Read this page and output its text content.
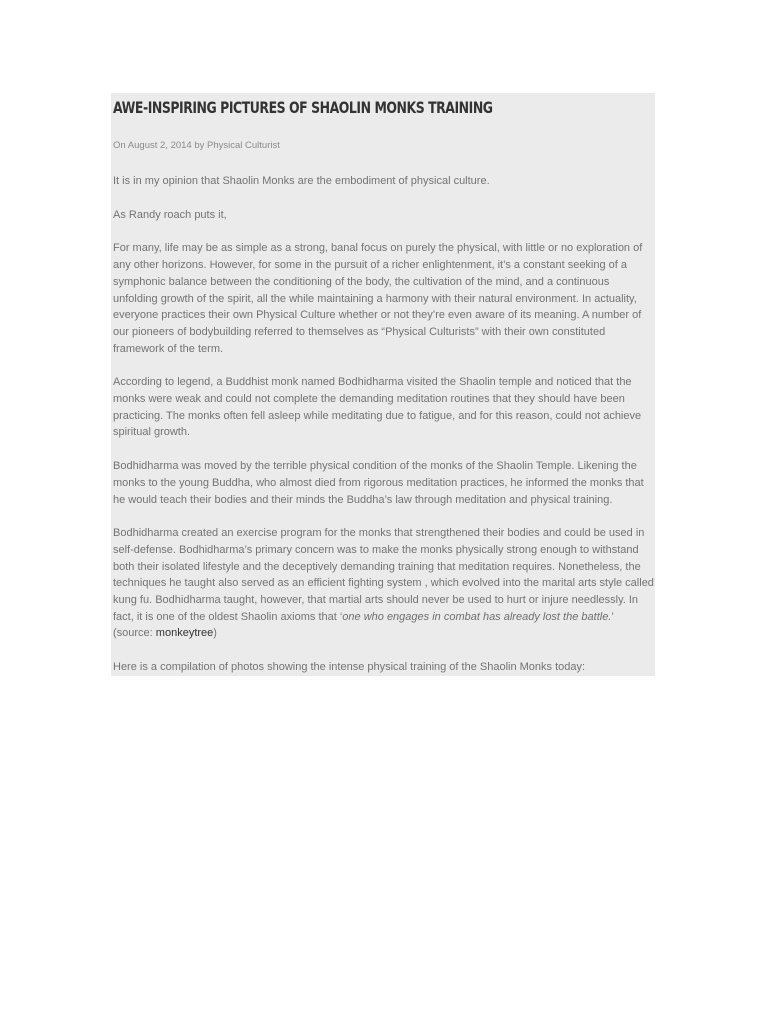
AWE-INSPIRING PICTURES OF SHAOLIN MONKS TRAINING
On August 2, 2014 by Physical Culturist

It is in my opinion that Shaolin Monks are the embodiment of physical culture.

As Randy roach puts it,

For many, life may be as simple as a strong, banal focus on purely the physical, with little or no exploration of any other horizons. However, for some in the pursuit of a richer enlightenment, it’s a constant seeking of a symphonic balance between the conditioning of the body, the cultivation of the mind, and a continuous unfolding growth of the spirit, all the while maintaining a harmony with their natural environment. In actuality, everyone practices their own Physical Culture whether or not they’re even aware of its meaning. A number of our pioneers of bodybuilding referred to themselves as “Physical Culturists” with their own constituted framework of the term.

According to legend, a Buddhist monk named Bodhidharma visited the Shaolin temple and noticed that the monks were weak and could not complete the demanding meditation routines that they should have been practicing. The monks often fell asleep while meditating due to fatigue, and for this reason, could not achieve spiritual growth.

Bodhidharma was moved by the terrible physical condition of the monks of the Shaolin Temple. Likening the monks to the young Buddha, who almost died from rigorous meditation practices, he informed the monks that he would teach their bodies and their minds the Buddha’s law through meditation and physical training.

Bodhidharma created an exercise program for the monks that strengthened their bodies and could be used in self-defense. Bodhidharma’s primary concern was to make the monks physically strong enough to withstand both their isolated lifestyle and the deceptively demanding training that meditation requires. Nonetheless, the techniques he taught also served as an efficient fighting system , which evolved into the marital arts style called kung fu. Bodhidharma taught, however, that martial arts should never be used to hurt or injure needlessly. In fact, it is one of the oldest Shaolin axioms that ‘one who engages in combat has already lost the battle.’ (source: monkeytree)

Here is a compilation of photos showing the intense physical training of the Shaolin Monks today:
